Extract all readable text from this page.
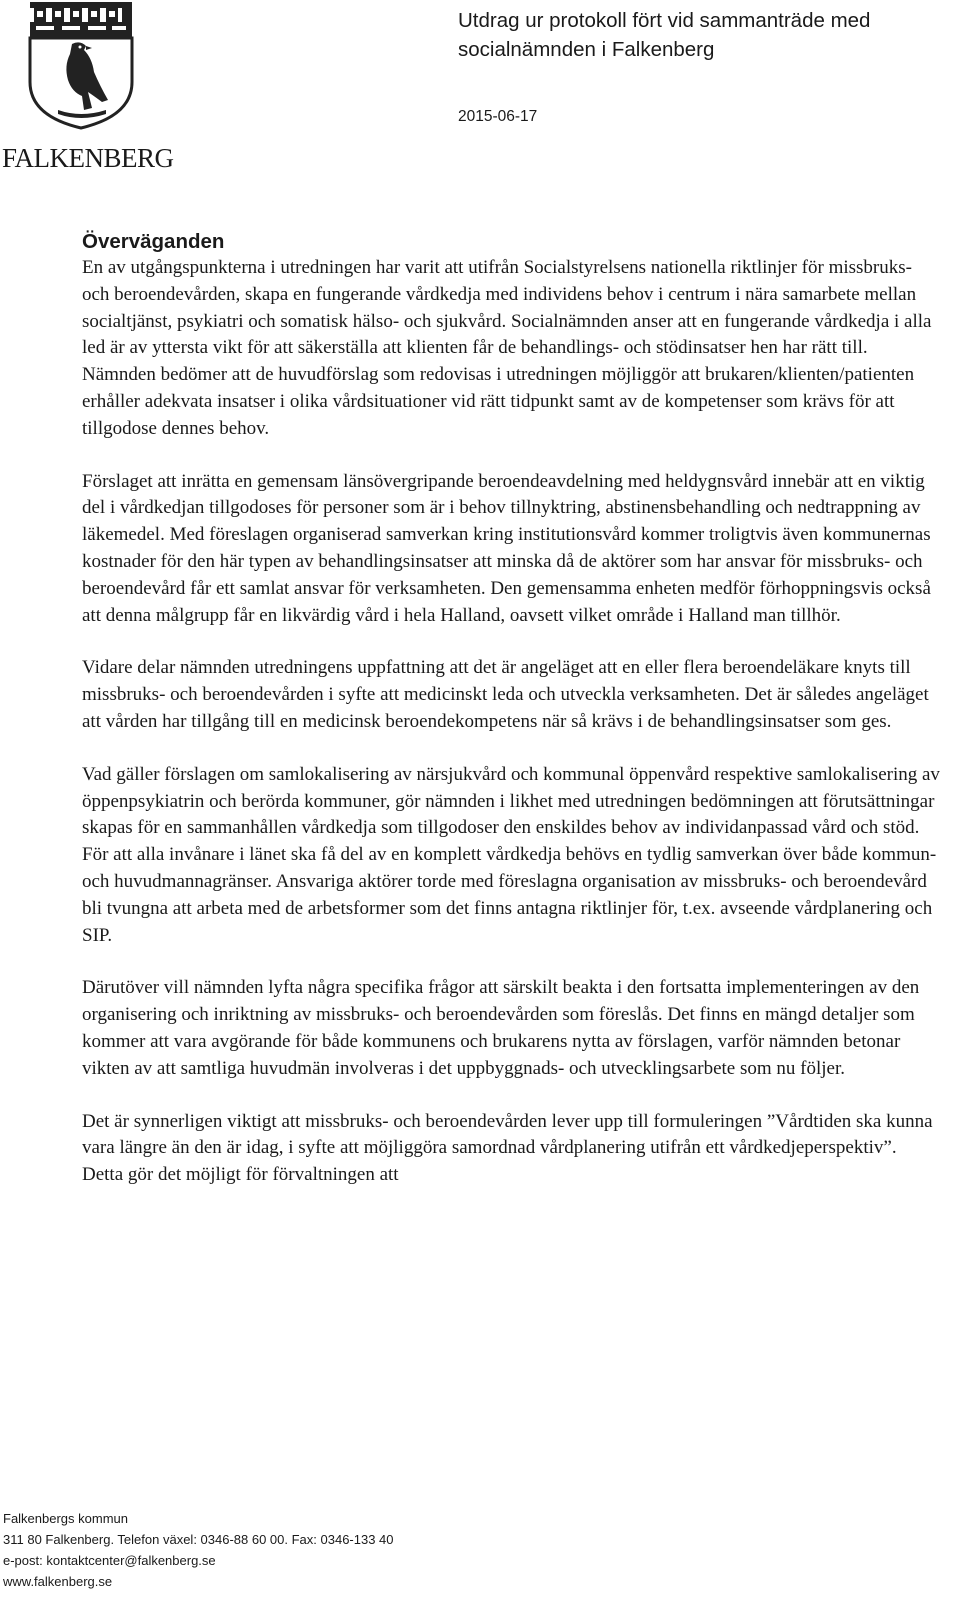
FALKENBERG

Utdrag ur protokoll fört vid sammanträde med
socialnämnden i Falkenberg

2015-06-17

Överväganden

En av utgångspunkterna i utredningen har varit att utifrån Socialstyrelsens nationella riktlinjer för missbruks- och beroendevården, skapa en fungerande vårdkedja med individens behov i centrum i nära samarbete mellan socialtjänst, psykiatri och somatisk hälso- och sjukvård. Socialnämnden anser att en fungerande vårdkedja i alla led är av yttersta vikt för att säkerställa att klienten får de behandlings- och stödinsatser hen har rätt till. Nämnden bedömer att de huvudförslag som redovisas i utredningen möjliggör att brukaren/klienten/patienten erhåller adekvata insatser i olika vårdsituationer vid rätt tidpunkt samt av de kompetenser som krävs för att tillgodose dennes behov.

Förslaget att inrätta en gemensam länsövergripande beroendeavdelning med heldygnsvård innebär att en viktig del i vårdkedjan tillgodoses för personer som är i behov tillnyktring, abstinensbehandling och nedtrappning av läkemedel. Med föreslagen organiserad samverkan kring institutionsvård kommer troligtvis även kommunernas kostnader för den här typen av behandlingsinsatser att minska då de aktörer som har ansvar för missbruks- och beroendevård får ett samlat ansvar för verksamheten. Den gemensamma enheten medför förhoppningsvis också att denna målgrupp får en likvärdig vård i hela Halland, oavsett vilket område i Halland man tillhör.

Vidare delar nämnden utredningens uppfattning att det är angeläget att en eller flera beroendeläkare knyts till missbruks- och beroendevården i syfte att medicinskt leda och utveckla verksamheten. Det är således angeläget att vården har tillgång till en medicinsk beroendekompetens när så krävs i de behandlingsinsatser som ges.

Vad gäller förslagen om samlokalisering av närsjukvård och kommunal öppenvård respektive samlokalisering av öppenpsykiatrin och berörda kommuner, gör nämnden i likhet med utredningen bedömningen att förutsättningar skapas för en sammanhållen vårdkedja som tillgodoser den enskildes behov av individanpassad vård och stöd. För att alla invånare i länet ska få del av en komplett vårdkedja behövs en tydlig samverkan över både kommun- och huvudmannagränser. Ansvariga aktörer torde med föreslagna organisation av missbruks- och beroendevård bli tvungna att arbeta med de arbetsformer som det finns antagna riktlinjer för, t.ex. avseende vårdplanering och SIP.

Därutöver vill nämnden lyfta några specifika frågor att särskilt beakta i den fortsatta implementeringen av den organisering och inriktning av missbruks- och beroendevården som föreslås. Det finns en mängd detaljer som kommer att vara avgörande för både kommunens och brukarens nytta av förslagen, varför nämnden betonar vikten av att samtliga huvudmän involveras i det uppbyggnads- och utvecklingsarbete som nu följer.

Det är synnerligen viktigt att missbruks- och beroendevården lever upp till formuleringen ”Vårdtiden ska kunna vara längre än den är idag, i syfte att möjliggöra samordnad vårdplanering utifrån ett vårdkedjeperspektiv”. Detta gör det möjligt för förvaltningen att

Falkenbergs kommun
311 80 Falkenberg. Telefon växel: 0346-88 60 00. Fax: 0346-133 40
e-post: kontaktcenter@falkenberg.se
www.falkenberg.se
